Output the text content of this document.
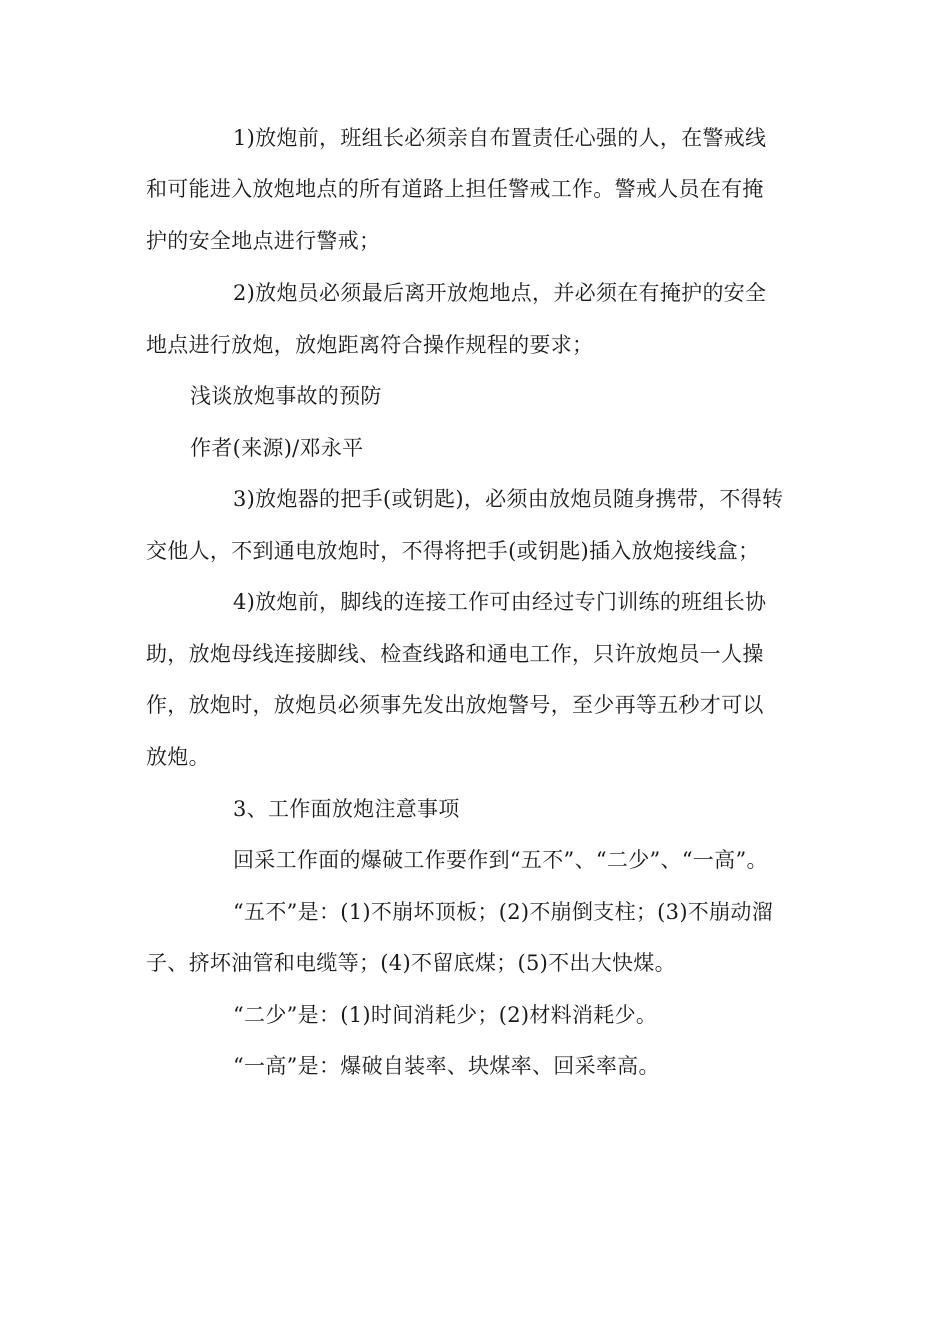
1)放炮前，班组长必须亲自布置责任心强的人，在警戒线
和可能进入放炮地点的所有道路上担任警戒工作。警戒人员在有掩
护的安全地点进行警戒；
2)放炮员必须最后离开放炮地点，并必须在有掩护的安全
地点进行放炮，放炮距离符合操作规程的要求；
浅谈放炮事故的预防
作者(来源)/邓永平
3)放炮器的把手(或钥匙)，必须由放炮员随身携带，不得转
交他人，不到通电放炮时，不得将把手(或钥匙)插入放炮接线盒；
4)放炮前，脚线的连接工作可由经过专门训练的班组长协
助，放炮母线连接脚线、检查线路和通电工作，只许放炮员一人操
作，放炮时，放炮员必须事先发出放炮警号，至少再等五秒才可以
放炮。
3、工作面放炮注意事项
回采工作面的爆破工作要作到“五不”、“二少”、“一高”。
“五不”是：(1)不崩坏顶板；(2)不崩倒支柱；(3)不崩动溜
子、挤坏油管和电缆等；(4)不留底煤；(5)不出大快煤。
“二少”是：(1)时间消耗少；(2)材料消耗少。
“一高”是：爆破自装率、块煤率、回采率高。
